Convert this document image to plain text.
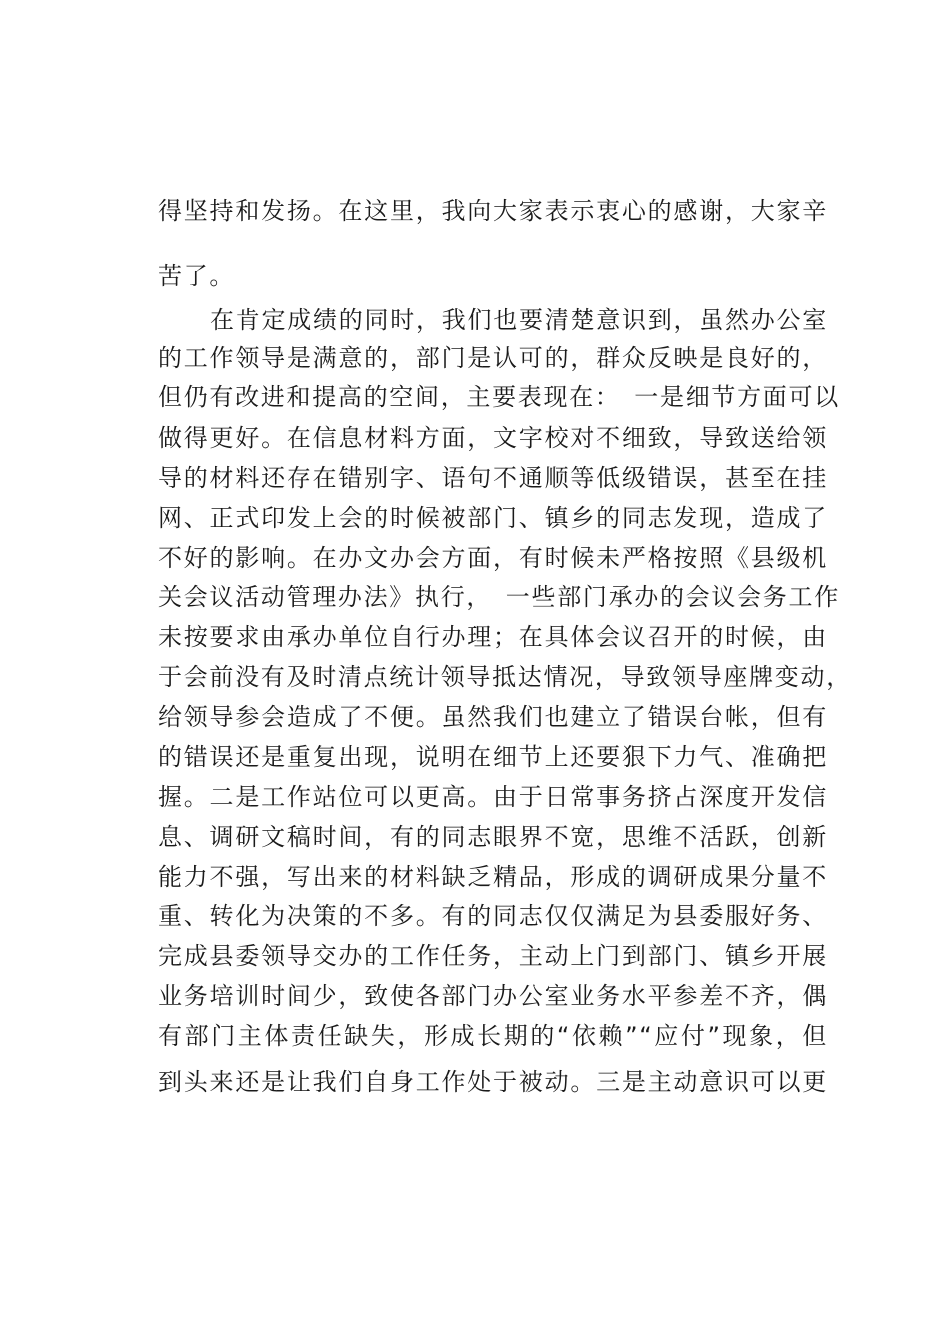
得坚持和发扬。在这里，我向大家表示衷心的感谢，大家辛
苦了。
在肯定成绩的同时，我们也要清楚意识到，虽然办公室
的工作领导是满意的，部门是认可的，群众反映是良好的，
但仍有改进和提高的空间，主要表现在：　一是细节方面可以
做得更好。在信息材料方面，文字校对不细致，导致送给领
导的材料还存在错别字、语句不通顺等低级错误，甚至在挂
网、正式印发上会的时候被部门、镇乡的同志发现，造成了
不好的影响。在办文办会方面，有时候未严格按照《县级机
关会议活动管理办法》执行，　一些部门承办的会议会务工作
未按要求由承办单位自行办理；在具体会议召开的时候，由
于会前没有及时清点统计领导抵达情况，导致领导座牌变动，
给领导参会造成了不便。虽然我们也建立了错误台帐，但有
的错误还是重复出现，说明在细节上还要狠下力气、准确把
握。二是工作站位可以更高。由于日常事务挤占深度开发信
息、调研文稿时间，有的同志眼界不宽，思维不活跃，创新
能力不强，写出来的材料缺乏精品，形成的调研成果分量不
重、转化为决策的不多。有的同志仅仅满足为县委服好务、
完成县委领导交办的工作任务，主动上门到部门、镇乡开展
业务培训时间少，致使各部门办公室业务水平参差不齐，偶
有部门主体责任缺失，形成长期的“依赖”“应付”现象，但
到头来还是让我们自身工作处于被动。三是主动意识可以更
